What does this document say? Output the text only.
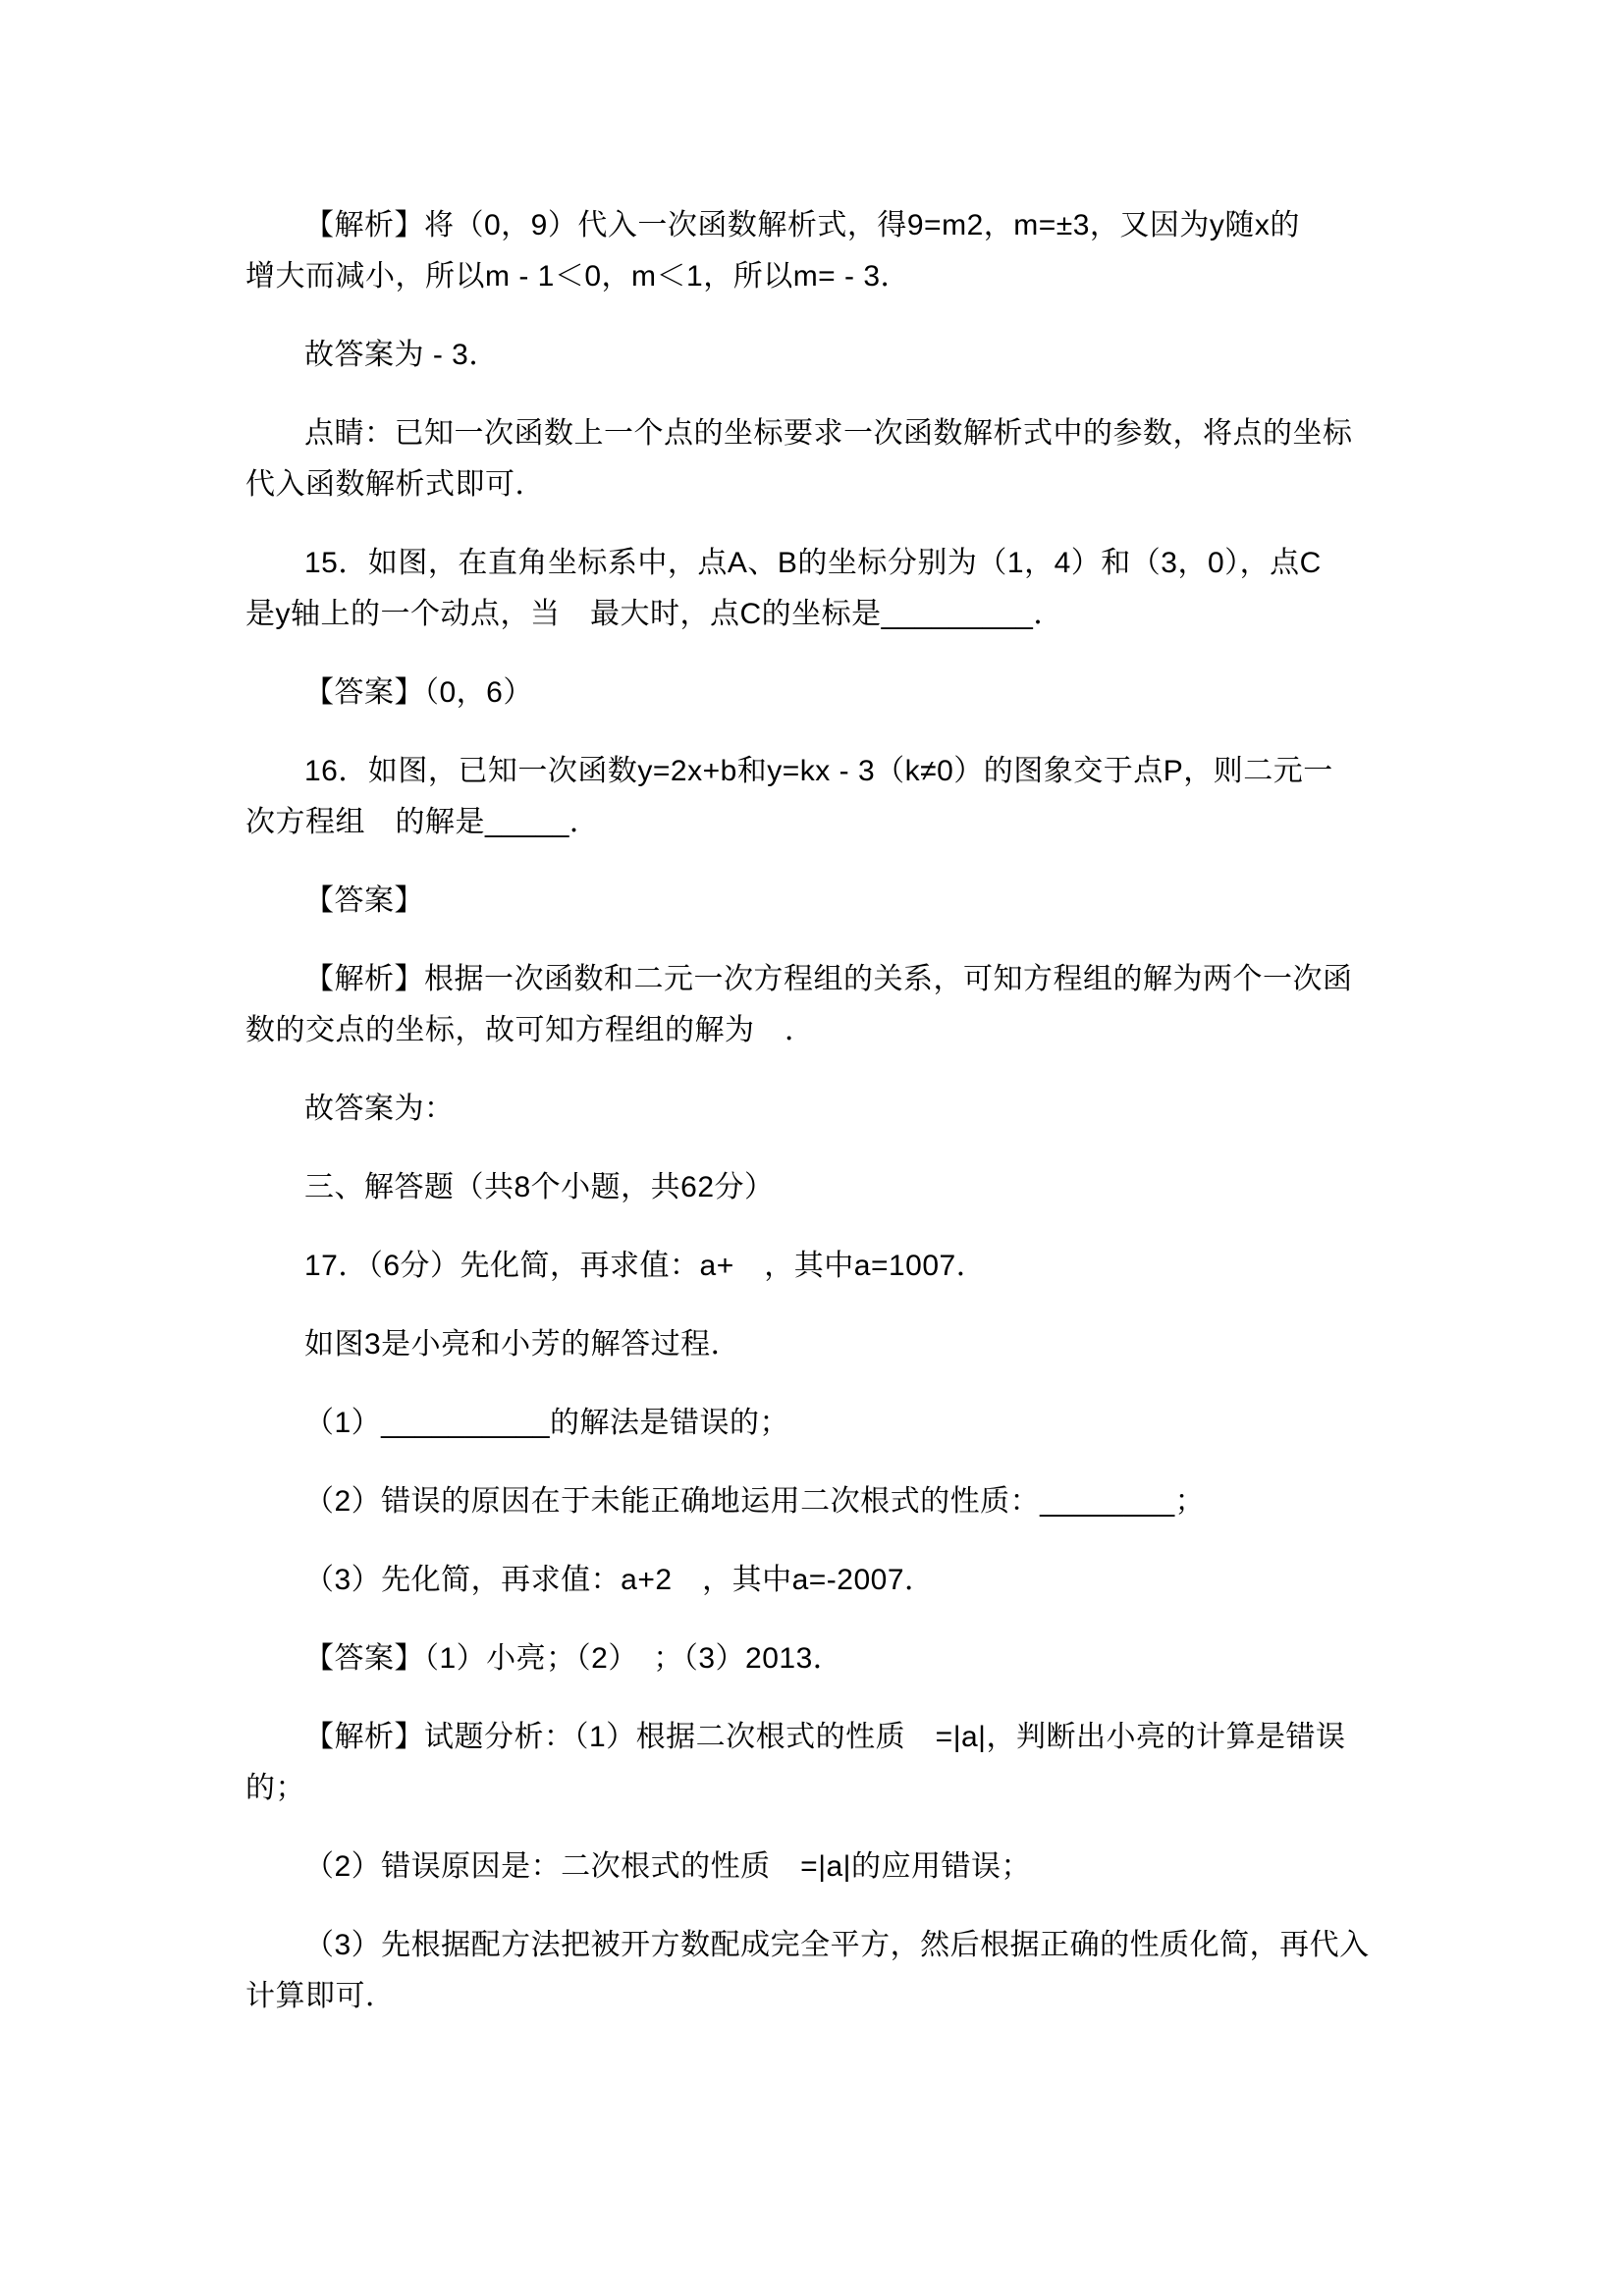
【解析】将（0，9）代入一次函数解析式，得9=m2，m=±3，又因为y随x的
增大而减小，所以m - 1＜0，m＜1，所以m= - 3．
故答案为 - 3．
点睛：已知一次函数上一个点的坐标要求一次函数解析式中的参数，将点的坐标
代入函数解析式即可．
15．如图，在直角坐标系中，点A、B的坐标分别为（1，4）和（3，0），点C
是y轴上的一个动点，当　最大时，点C的坐标是_________．
【答案】（0，6）
16．如图，已知一次函数y=2x+b和y=kx - 3（k≠0）的图象交于点P，则二元一
次方程组　的解是_____．
【答案】
【解析】根据一次函数和二元一次方程组的关系，可知方程组的解为两个一次函
数的交点的坐标，故可知方程组的解为　．
故答案为：
三、解答题（共8个小题，共62分）
17．（6分）先化简，再求值：a+　，其中a=1007．
如图3是小亮和小芳的解答过程．
（1）__________的解法是错误的；
（2）错误的原因在于未能正确地运用二次根式的性质：________；
（3）先化简，再求值：a+2　，其中a=-2007．
【答案】（1）小亮；（2）　；（3）2013．
【解析】试题分析：（1）根据二次根式的性质　=|a|，判断出小亮的计算是错误
的；
（2）错误原因是：二次根式的性质　=|a|的应用错误；
（3）先根据配方法把被开方数配成完全平方，然后根据正确的性质化简，再代入
计算即可．
